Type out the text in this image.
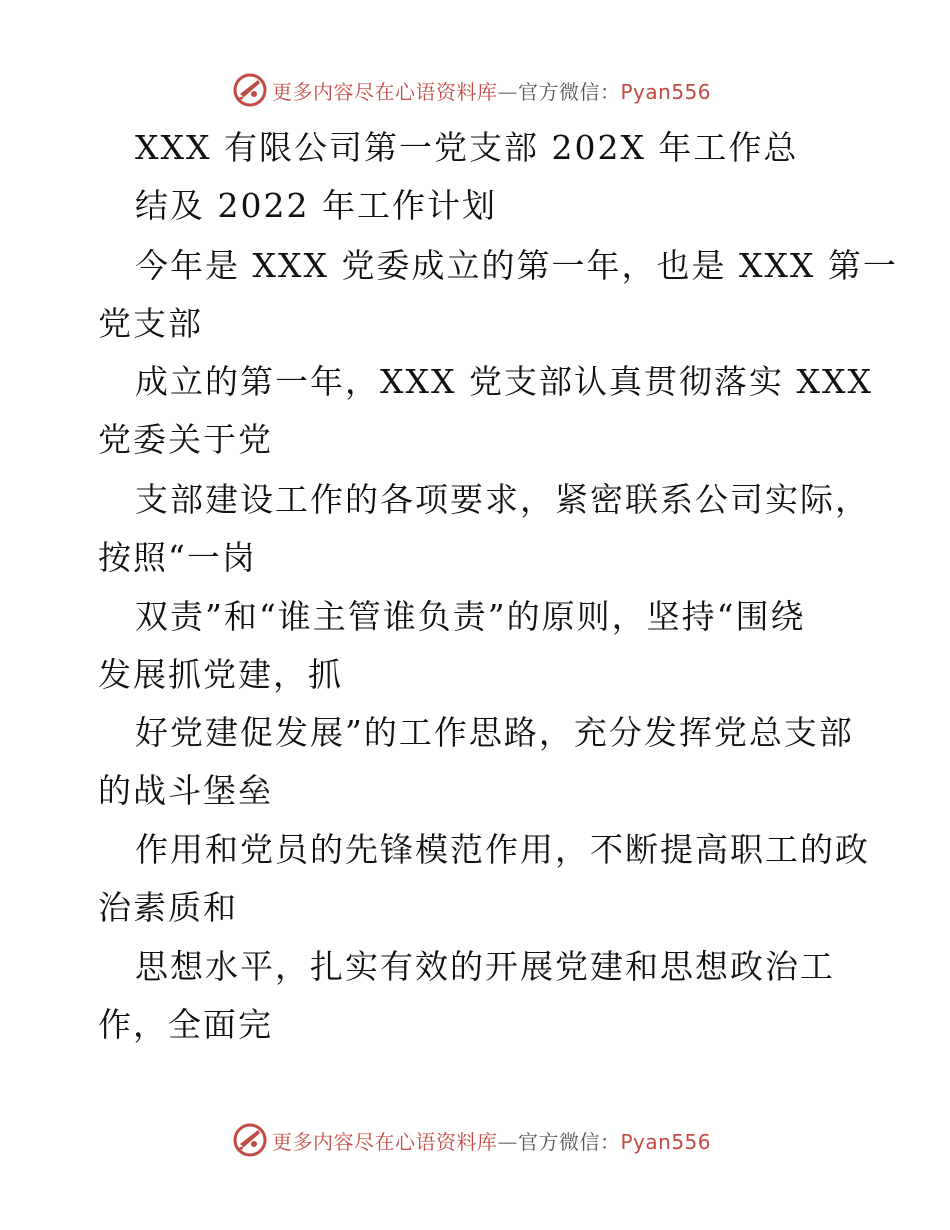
更多内容尽在心语资料库—官方微信：Pyan556
XXX 有限公司第一党支部 202X 年工作总
结及 2022 年工作计划
今年是 XXX 党委成立的第一年，也是 XXX 第一
党支部
成立的第一年，XXX 党支部认真贯彻落实 XXX
党委关于党
支部建设工作的各项要求，紧密联系公司实际，
按照“一岗
双责”和“谁主管谁负责”的原则，坚持“围绕
发展抓党建，抓
好党建促发展”的工作思路，充分发挥党总支部
的战斗堡垒
作用和党员的先锋模范作用，不断提高职工的政
治素质和
思想水平，扎实有效的开展党建和思想政治工
作，全面完
更多内容尽在心语资料库—官方微信：Pyan556
